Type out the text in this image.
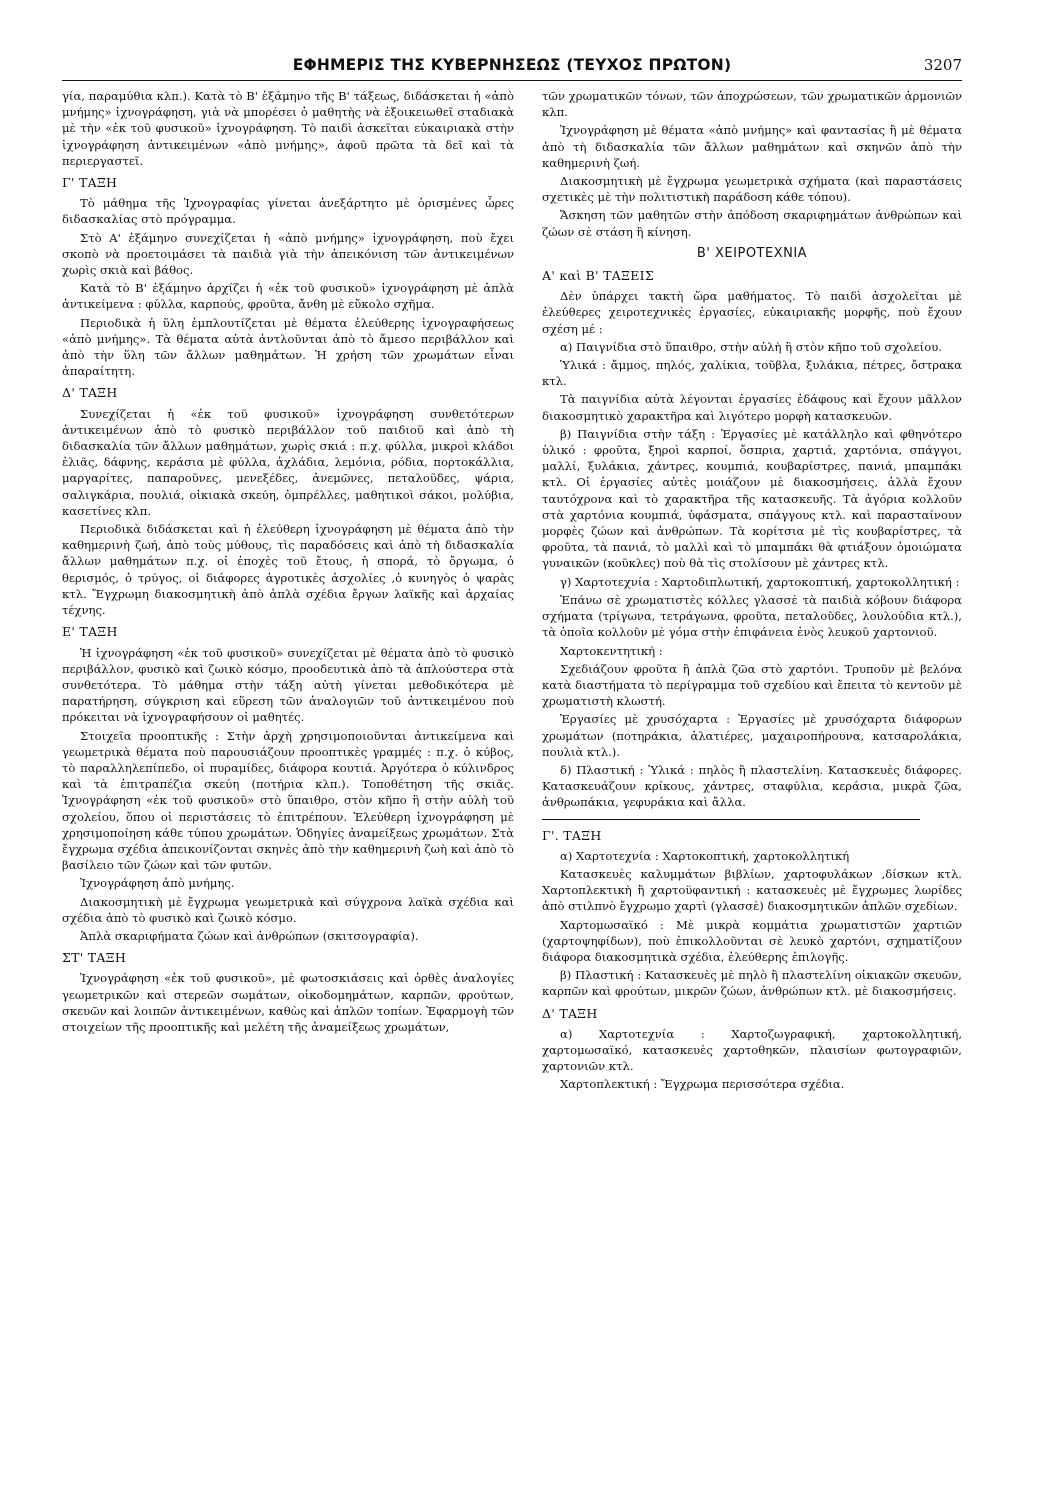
ΕΦΗΜΕΡΙΣ ΤΗΣ ΚΥΒΕΡΝΗΣΕΩΣ (ΤΕΥΧΟΣ ΠΡΩΤΟΝ)	3207

γία, παραμύθια κλπ.). Κατὰ τὸ Β' ἑξάμηνο τῆς Β' τάξεως, διδάσκεται ἡ «ἀπὸ μνήμης» ἰχνογράφηση, γιὰ νὰ μπορέσει ὁ μαθητὴς νὰ ἐξοικειωθεῖ σταδιακὰ μὲ τὴν «ἐκ τοῦ φυσικοῦ» ἰχνογράφηση. Τὸ παιδὶ ἀσκεῖται εὐκαιριακὰ στὴν ἰχνογράφηση ἀντικειμένων «ἀπὸ μνήμης», ἀφοῦ πρῶτα τὰ δεῖ καὶ τὰ περιεργαστεῖ.

Γ' ΤΑΞΗ

Τὸ μάθημα τῆς Ἰχνογραφίας γίνεται ἀνεξάρτητο μὲ ὁρισμένες ὧρες διδασκαλίας στὸ πρόγραμμα.

Στὸ Α' ἑξάμηνο συνεχίζεται ἡ «ἀπὸ μνήμης» ἰχνογράφηση, ποὺ ἔχει σκοπὸ νὰ προετοιμάσει τὰ παιδιὰ γιὰ τὴν ἀπεικόνιση τῶν ἀντικειμένων χωρὶς σκιὰ καὶ βάθος.

Κατὰ τὸ Β' ἑξάμηνο ἀρχίζει ἡ «ἐκ τοῦ φυσικοῦ» ἰχνογράφηση μὲ ἁπλὰ ἀντικείμενα : φύλλα, καρπούς, φροῦτα, ἄνθη μὲ εὔκολο σχῆμα.

Περιοδικὰ ἡ ὕλη ἐμπλουτίζεται μὲ θέματα ἐλεύθερης ἰχνογραφήσεως «ἀπὸ μνήμης». Τὰ θέματα αὐτὰ ἀντλοῦνται ἀπὸ τὸ ἄμεσο περιβάλλον καὶ ἀπὸ τὴν ὕλη τῶν ἄλλων μαθημάτων. Ἡ χρήση τῶν χρωμάτων εἶναι ἀπαραίτητη.

Δ' ΤΑΞΗ

Συνεχίζεται ἡ «ἐκ τοῦ φυσικοῦ» ἰχνογράφηση συνθετότερων ἀντικειμένων ἀπὸ τὸ φυσικὸ περιβάλλον τοῦ παιδιοῦ καὶ ἀπὸ τὴ διδασκαλία τῶν ἄλλων μαθημάτων, χωρὶς σκιά : π.χ. φύλλα, μικροὶ κλάδοι ἐλιᾶς, δάφνης, κεράσια μὲ φύλλα, ἀχλάδια, λεμόνια, ρόδια, πορτοκάλλια, μαργαρίτες, παπαροῦνες, μενεξέδες, ἀνεμῶνες, πεταλοῦδες, ψάρια, σαλιγκάρια, πουλιά, οἰκιακὰ σκεύη, ὀμπρέλλες, μαθητικοὶ σάκοι, μολύβια, κασετίνες κλπ.

Περιοδικὰ διδάσκεται καὶ ἡ ἐλεύθερη ἰχνογράφηση μὲ θέματα ἀπὸ τὴν καθημερινὴ ζωή, ἀπὸ τοὺς μύθους, τὶς παραδόσεις καὶ ἀπὸ τὴ διδασκαλία ἄλλων μαθημάτων π.χ. οἱ ἐποχὲς τοῦ ἔτους, ἡ σπορά, τὸ ὄργωμα, ὁ θερισμός, ὁ τρύγος, οἱ διάφορες ἀγροτικὲς ἀσχολίες ,ὁ κυνηγὸς ὁ ψαρὰς κτλ. Ἔγχρωμη διακοσμητικὴ ἀπὸ ἁπλὰ σχέδια ἔργων λαϊκῆς καὶ ἀρχαίας τέχνης.

Ε' ΤΑΞΗ

Ἡ ἰχνογράφηση «ἐκ τοῦ φυσικοῦ» συνεχίζεται μὲ θέματα ἀπὸ τὸ φυσικὸ περιβάλλον, φυσικὸ καὶ ζωικὸ κόσμο, προοδευτικὰ ἀπὸ τὰ ἁπλούστερα στὰ συνθετότερα. Τὸ μάθημα στὴν τάξη αὐτὴ γίνεται μεθοδικότερα μὲ παρατήρηση, σύγκριση καὶ εὕρεση τῶν ἀναλογιῶν τοῦ ἀντικειμένου ποὺ πρόκειται νὰ ἰχνογραφήσουν οἱ μαθητές.

Στοιχεῖα προοπτικῆς : Στὴν ἀρχὴ χρησιμοποιοῦνται ἀντικείμενα καὶ γεωμετρικὰ θέματα ποὺ παρουσιάζουν προοπτικὲς γραμμές : π.χ. ὁ κύβος, τὸ παραλληλεπίπεδο, οἱ πυραμίδες, διάφορα κουτιά. Ἀργότερα ὁ κύλινδρος καὶ τὰ ἐπιτραπέζια σκεύη (ποτήρια κλπ.). Τοποθέτηση τῆς σκιᾶς. Ἰχνογράφηση «ἐκ τοῦ φυσικοῦ» στὸ ὕπαιθρο, στὸν κῆπο ἢ στὴν αὐλὴ τοῦ σχολείου, ὅπου οἱ περιστάσεις τὸ ἐπιτρέπουν. Ἐλεύθερη ἰχνογράφηση μὲ χρησιμοποίηση κάθε τύπου χρωμάτων. Ὁδηγίες ἀναμείξεως χρωμάτων. Στὰ ἔγχρωμα σχέδια ἀπεικονίζονται σκηνὲς ἀπὸ τὴν καθημερινὴ ζωὴ καὶ ἀπὸ τὸ βασίλειο τῶν ζώων καὶ τῶν φυτῶν.

Ἰχνογράφηση ἀπὸ μνήμης.

Διακοσμητικὴ μὲ ἔγχρωμα γεωμετρικὰ καὶ σύγχρονα λαϊκὰ σχέδια καὶ σχέδια ἀπὸ τὸ φυσικὸ καὶ ζωικὸ κόσμο.

Ἁπλὰ σκαριφήματα ζώων καὶ ἀνθρώπων (σκιτσογραφία).

ΣΤ' ΤΑΞΗ

Ἰχνογράφηση «ἐκ τοῦ φυσικοῦ», μὲ φωτοσκιάσεις καὶ ὀρθὲς ἀναλογίες γεωμετρικῶν καὶ στερεῶν σωμάτων, οἰκοδομημάτων, καρπῶν, φρούτων, σκευῶν καὶ λοιπῶν ἀντικειμένων, καθὼς καὶ ἁπλῶν τοπίων. Ἐφαρμογὴ τῶν στοιχείων τῆς προοπτικῆς καὶ μελέτη τῆς ἀναμείξεως χρωμάτων,

τῶν χρωματικῶν τόνων, τῶν ἀποχρώσεων, τῶν χρωματικῶν ἁρμονιῶν κλπ.

Ἰχνογράφηση μὲ θέματα «ἀπὸ μνήμης» καὶ φαντασίας ἢ μὲ θέματα ἀπὸ τὴ διδασκαλία τῶν ἄλλων μαθημάτων καὶ σκηνῶν ἀπὸ τὴν καθημερινὴ ζωή.

Διακοσμητικὴ μὲ ἔγχρωμα γεωμετρικὰ σχήματα (καὶ παραστάσεις σχετικὲς μὲ τὴν πολιτιστικὴ παράδοση κάθε τόπου).

Ἄσκηση τῶν μαθητῶν στὴν ἀπόδοση σκαριφημάτων ἀνθρώπων καὶ ζώων σὲ στάση ἢ κίνηση.

Β' ΧΕΙΡΟΤΕΧΝΙΑ
Α' καὶ Β' ΤΑΞΕΙΣ

Δὲν ὑπάρχει τακτὴ ὥρα μαθήματος. Τὸ παιδὶ ἀσχολεῖται μὲ ἐλεύθερες χειροτεχνικὲς ἐργασίες, εὐκαιριακῆς μορφῆς, ποὺ ἔχουν σχέση μέ :

α) Παιγνίδια στὸ ὕπαιθρο, στὴν αὐλὴ ἢ στὸν κῆπο τοῦ σχολείου.

Ὑλικά : ἄμμος, πηλός, χαλίκια, τοῦβλα, ξυλάκια, πέτρες, ὄστρακα κτλ.

Τὰ παιγνίδια αὐτὰ λέγονται ἐργασίες ἐδάφους καὶ ἔχουν μᾶλλον διακοσμητικὸ χαρακτῆρα καὶ λιγότερο μορφὴ κατασκευῶν.

β) Παιγνίδια στὴν τάξη : Ἐργασίες μὲ κατάλληλο καὶ φθηνότερο ὑλικό : φροῦτα, ξηροὶ καρποί, ὄσπρια, χαρτιά, χαρτόνια, σπάγγοι, μαλλί, ξυλάκια, χάντρες, κουμπιά, κουβαρίστρες, πανιά, μπαμπάκι κτλ. Οἱ ἐργασίες αὐτὲς μοιάζουν μὲ διακοσμήσεις, ἀλλὰ ἔχουν ταυτόχρονα καὶ τὸ χαρακτῆρα τῆς κατασκευῆς. Τὰ ἀγόρια κολλοῦν στὰ χαρτόνια κουμπιά, ὑφάσματα, σπάγγους κτλ. καὶ παρασταίνουν μορφὲς ζώων καὶ ἀνθρώπων. Τὰ κορίτσια μὲ τὶς κουβαρίστρες, τὰ φροῦτα, τὰ πανιά, τὸ μαλλὶ καὶ τὸ μπαμπάκι θὰ φτιάξουν ὁμοιώματα γυναικῶν (κοῦκλες) ποὺ θὰ τὶς στολίσουν μὲ χάντρες κτλ.

γ) Χαρτοτεχνία : Χαρτοδιπλωτική, χαρτοκοπτική, χαρτοκολλητική :

Ἐπάνω σὲ χρωματιστὲς κόλλες γλασσὲ τὰ παιδιὰ κόβουν διάφορα σχήματα (τρίγωνα, τετράγωνα, φροῦτα, πεταλοῦδες, λουλούδια κτλ.), τὰ ὁποῖα κολλοῦν μὲ γόμα στὴν ἐπιφάνεια ἑνὸς λευκοῦ χαρτονιοῦ.

Χαρτοκεντητική :

Σχεδιάζουν φροῦτα ἢ ἁπλὰ ζῶα στὸ χαρτόνι. Τρυποῦν μὲ βελόνα κατὰ διαστήματα τὸ περίγραμμα τοῦ σχεδίου καὶ ἔπειτα τὸ κεντοῦν μὲ χρωματιστὴ κλωστή.

Ἐργασίες μὲ χρυσόχαρτα : Ἐργασίες μὲ χρυσόχαρτα διάφορων χρωμάτων (ποτηράκια, ἁλατιέρες, μαχαιροπήρουνα, κατσαρολάκια, πουλιὰ κτλ.).

δ) Πλαστική : Ὑλικά : πηλὸς ἢ πλαστελίνη. Κατασκευὲς διάφορες. Κατασκευάζουν κρίκους, χάντρες, σταφύλια, κεράσια, μικρὰ ζῶα, ἀνθρωπάκια, γεφυράκια καὶ ἄλλα.

Γ'. ΤΑΞΗ

α) Χαρτοτεχνία : Χαρτοκοπτική, χαρτοκολλητική

Κατασκευὲς καλυμμάτων βιβλίων, χαρτοφυλάκων ,δίσκων κτλ. Χαρτοπλεκτικὴ ἢ χαρτοϋφαντική : κατασκευὲς μὲ ἔγχρωμες λωρίδες ἀπὸ στιλπνὸ ἔγχρωμο χαρτὶ (γλασσὲ) διακοσμητικῶν ἁπλῶν σχεδίων.

Χαρτομωσαϊκό : Μὲ μικρὰ κομμάτια χρωματιστῶν χαρτιῶν (χαρτοψηφίδων), ποὺ ἐπικολλοῦνται σὲ λευκὸ χαρτόνι, σχηματίζουν διάφορα διακοσμητικὰ σχέδια, ἐλεύθερης ἐπιλογῆς.

β) Πλαστική : Κατασκευὲς μὲ πηλὸ ἢ πλαστελίνη οἰκιακῶν σκευῶν, καρπῶν καὶ φρούτων, μικρῶν ζώων, ἀνθρώπων κτλ. μὲ διακοσμήσεις.

Δ' ΤΑΞΗ

α) Χαρτοτεχνία : Χαρτοζωγραφική, χαρτοκολλητική, χαρτομωσαϊκό, κατασκευὲς χαρτοθηκῶν, πλαισίων φωτογραφιῶν, χαρτονιῶν κτλ.

Χαρτοπλεκτική : Ἔγχρωμα περισσότερα σχέδια.
